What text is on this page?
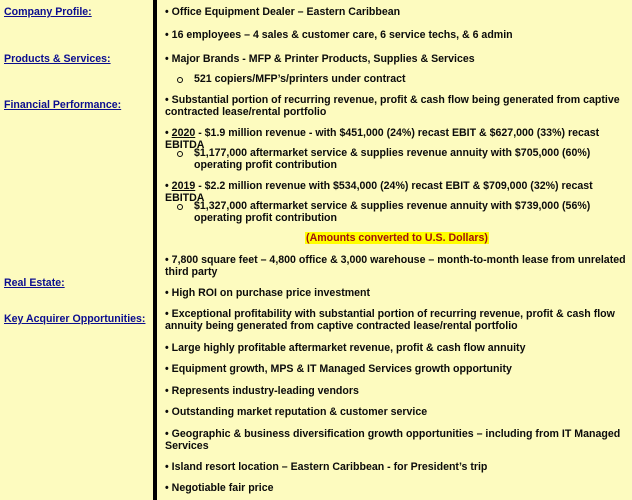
Company Profile:
Products & Services:
Financial Performance:
Real Estate:
Key Acquirer Opportunities:
• Office Equipment Dealer – Eastern Caribbean
• 16 employees – 4 sales & customer care, 6 service techs, & 6 admin
• Major Brands - MFP & Printer Products, Supplies & Services
521 copiers/MFP’s/printers under contract
• Substantial portion of recurring revenue, profit & cash flow being generated from captive contracted lease/rental portfolio
• 2020 - $1.9 million revenue - with $451,000 (24%) recast EBIT & $627,000 (33%) recast EBITDA
$1,177,000 aftermarket service & supplies revenue annuity with $705,000 (60%) operating profit contribution
• 2019 - $2.2 million revenue with $534,000 (24%) recast EBIT & $709,000 (32%) recast EBITDA
$1,327,000 aftermarket service & supplies revenue annuity with $739,000 (56%) operating profit contribution
(Amounts converted to U.S. Dollars)
• 7,800 square feet – 4,800 office & 3,000 warehouse – month-to-month lease from unrelated third party
• High ROI on purchase price investment
• Exceptional profitability with substantial portion of recurring revenue, profit & cash flow annuity being generated from captive contracted lease/rental portfolio
• Large highly profitable aftermarket revenue, profit & cash flow annuity
• Equipment growth, MPS & IT Managed Services growth opportunity
• Represents industry-leading vendors
• Outstanding market reputation & customer service
• Geographic & business diversification growth opportunities – including from IT Managed Services
• Island resort location – Eastern Caribbean - for President’s trip
• Negotiable fair price
